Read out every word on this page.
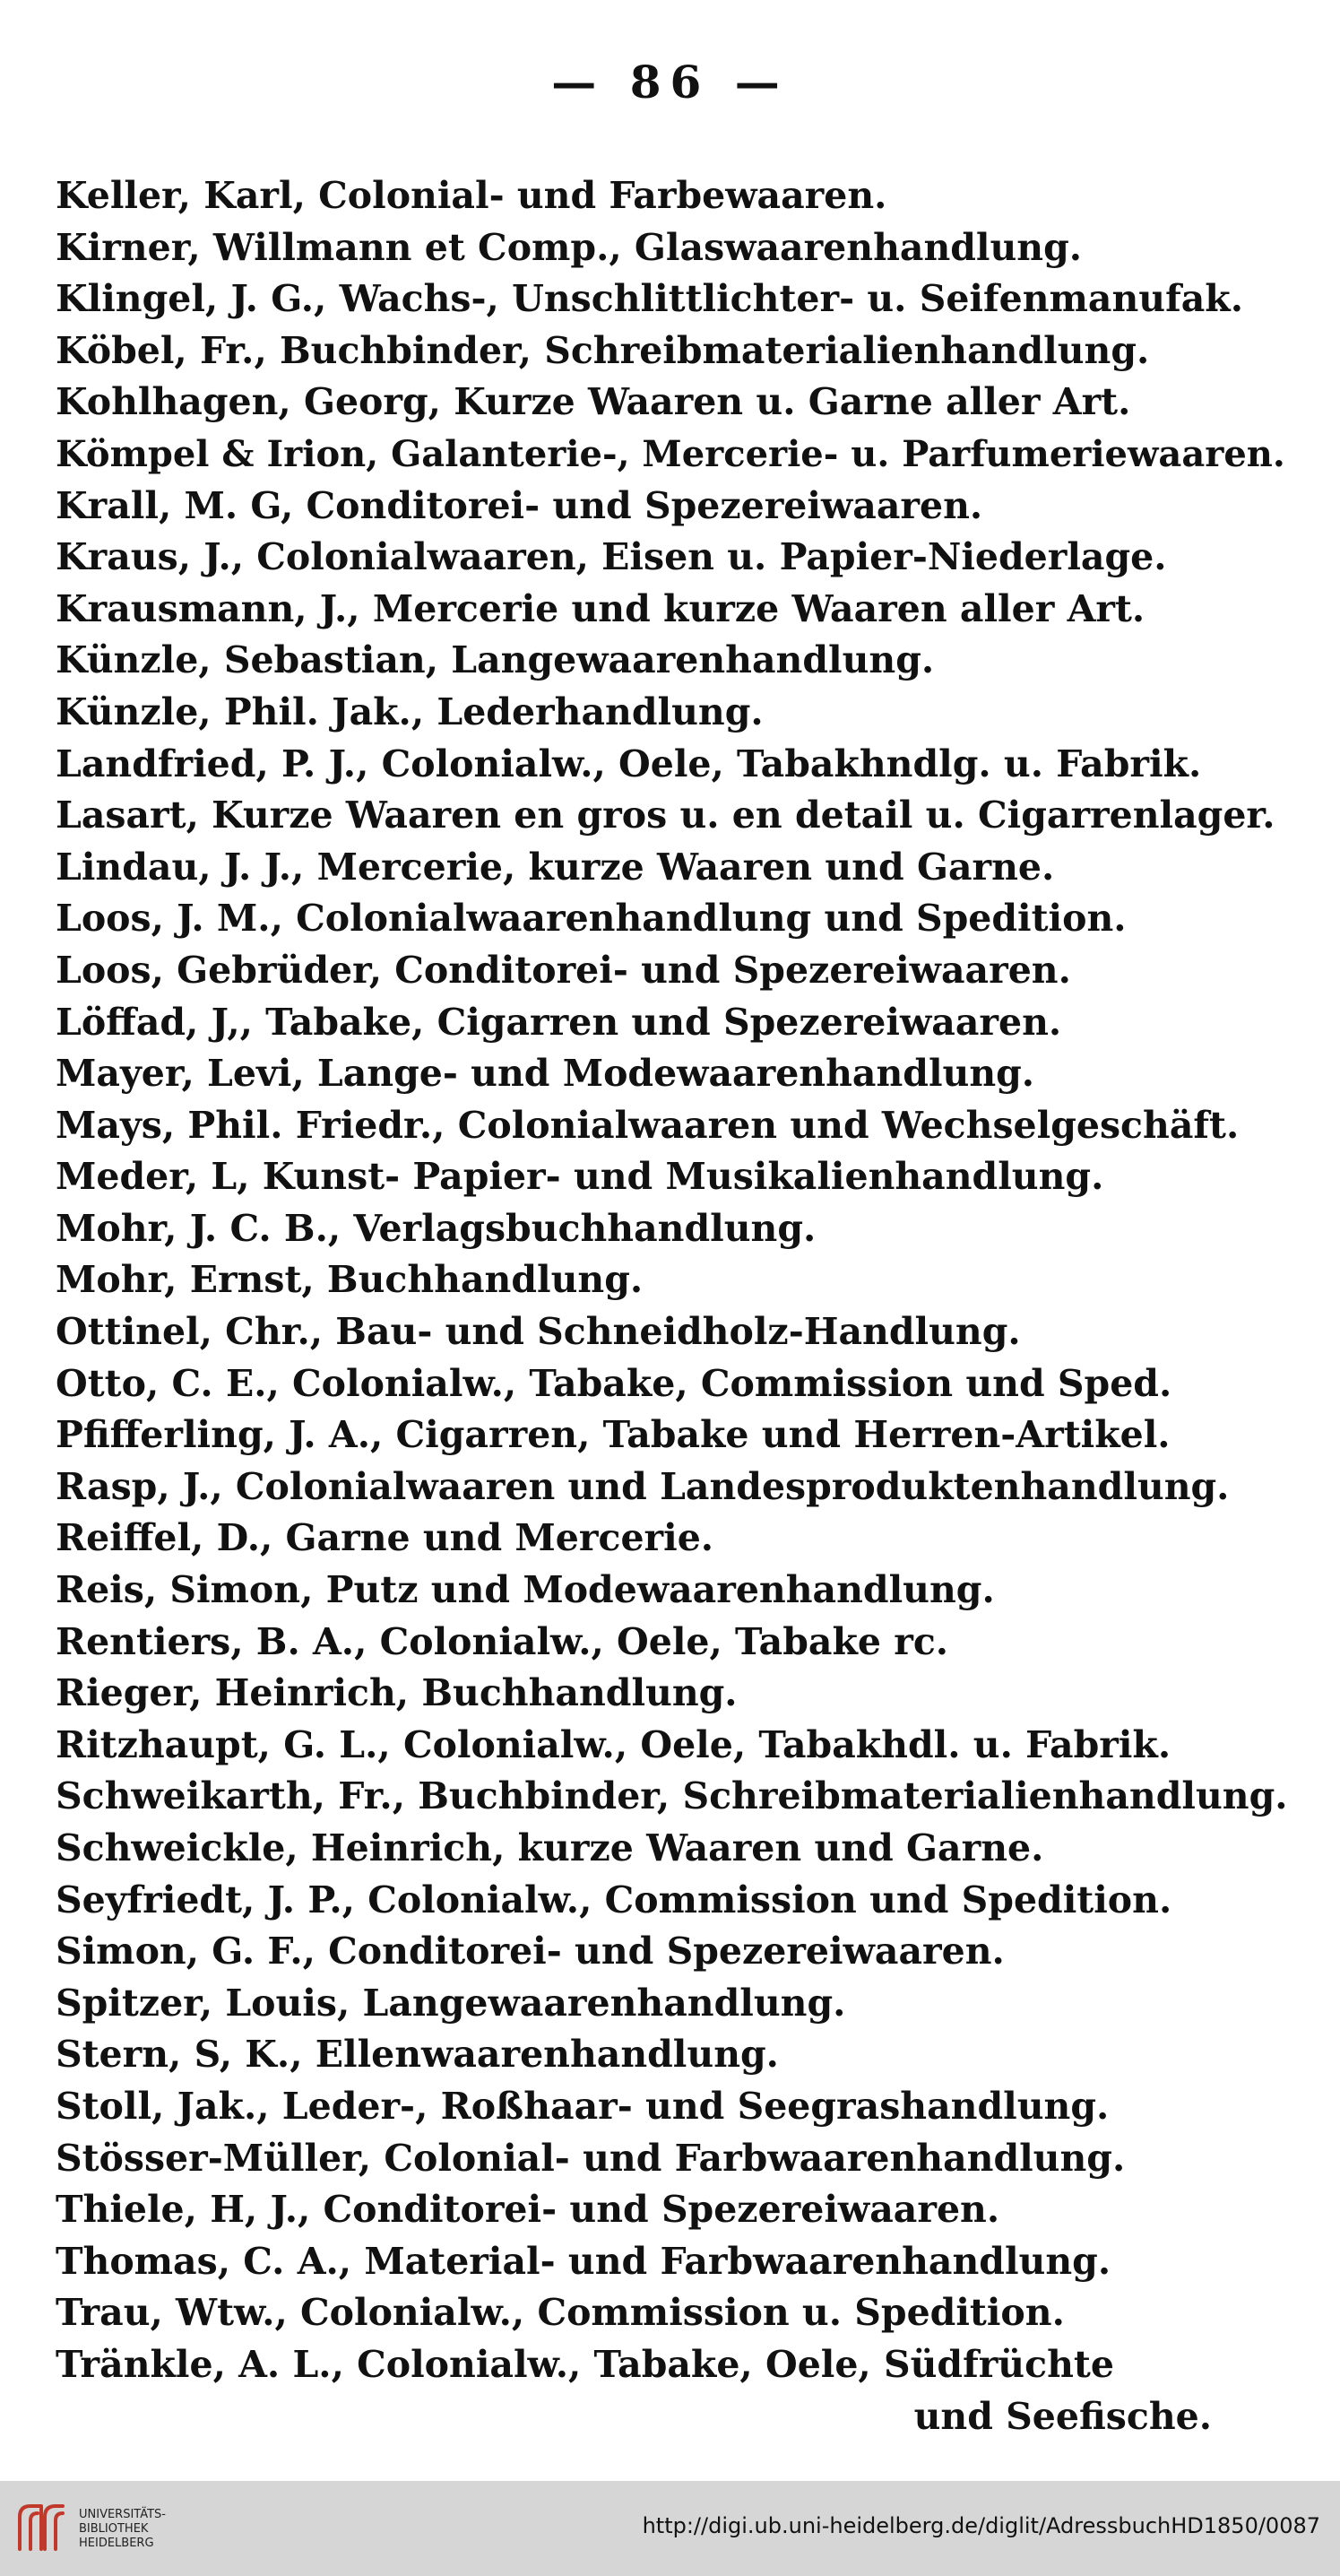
— 86 —
Keller, Karl, Colonial- und Farbewaaren.
Kirner, Willmann et Comp., Glaswaarenhandlung.
Klingel, J. G., Wachs-, Unschlittlichter- u. Seifenmanufak.
Köbel, Fr., Buchbinder, Schreibmaterialienhandlung.
Kohlhagen, Georg, Kurze Waaren u. Garne aller Art.
Kömpel & Irion, Galanterie-, Mercerie- u. Parfumeriewaaren.
Krall, M. G, Conditorei- und Spezereiwaaren.
Kraus, J., Colonialwaaren, Eisen u. Papier-Niederlage.
Krausmann, J., Mercerie und kurze Waaren aller Art.
Künzle, Sebastian, Langewaarenhandlung.
Künzle, Phil. Jak., Lederhandlung.
Landfried, P. J., Colonialw., Oele, Tabakhndlg. u. Fabrik.
Lasart, Kurze Waaren en gros u. en detail u. Cigarrenlager.
Lindau, J. J., Mercerie, kurze Waaren und Garne.
Loos, J. M., Colonialwaarenhandlung und Spedition.
Loos, Gebrüder, Conditorei- und Spezereiwaaren.
Löffad, J,, Tabake, Cigarren und Spezereiwaaren.
Mayer, Levi, Lange- und Modewaarenhandlung.
Mays, Phil. Friedr., Colonialwaaren und Wechselgeschäft.
Meder, L, Kunst- Papier- und Musikalienhandlung.
Mohr, J. C. B., Verlagsbuchhandlung.
Mohr, Ernst, Buchhandlung.
Ottinel, Chr., Bau- und Schneidholz-Handlung.
Otto, C. E., Colonialw., Tabake, Commission und Sped.
Pfifferling, J. A., Cigarren, Tabake und Herren-Artikel.
Rasp, J., Colonialwaaren und Landesproduktenhandlung.
Reiffel, D., Garne und Mercerie.
Reis, Simon, Putz und Modewaarenhandlung.
Rentiers, B. A., Colonialw., Oele, Tabake rc.
Rieger, Heinrich, Buchhandlung.
Ritzhaupt, G. L., Colonialw., Oele, Tabakhdl. u. Fabrik.
Schweikarth, Fr., Buchbinder, Schreibmaterialienhandlung.
Schweickle, Heinrich, kurze Waaren und Garne.
Seyfriedt, J. P., Colonialw., Commission und Spedition.
Simon, G. F., Conditorei- und Spezereiwaaren.
Spitzer, Louis, Langewaarenhandlung.
Stern, S, K., Ellenwaarenhandlung.
Stoll, Jak., Leder-, Roßhaar- und Seegrashandlung.
Stösser-Müller, Colonial- und Farbwaarenhandlung.
Thiele, H, J., Conditorei- und Spezereiwaaren.
Thomas, C. A., Material- und Farbwaarenhandlung.
Trau, Wtw., Colonialw., Commission u. Spedition.
Tränkle, A. L., Colonialw., Tabake, Oele, Südfrüchte
und Seefische.
UNIVERSITÄTS-
BIBLIOTHEK
HEIDELBERG
http://digi.ub.uni-heidelberg.de/diglit/AdressbuchHD1850/0087
